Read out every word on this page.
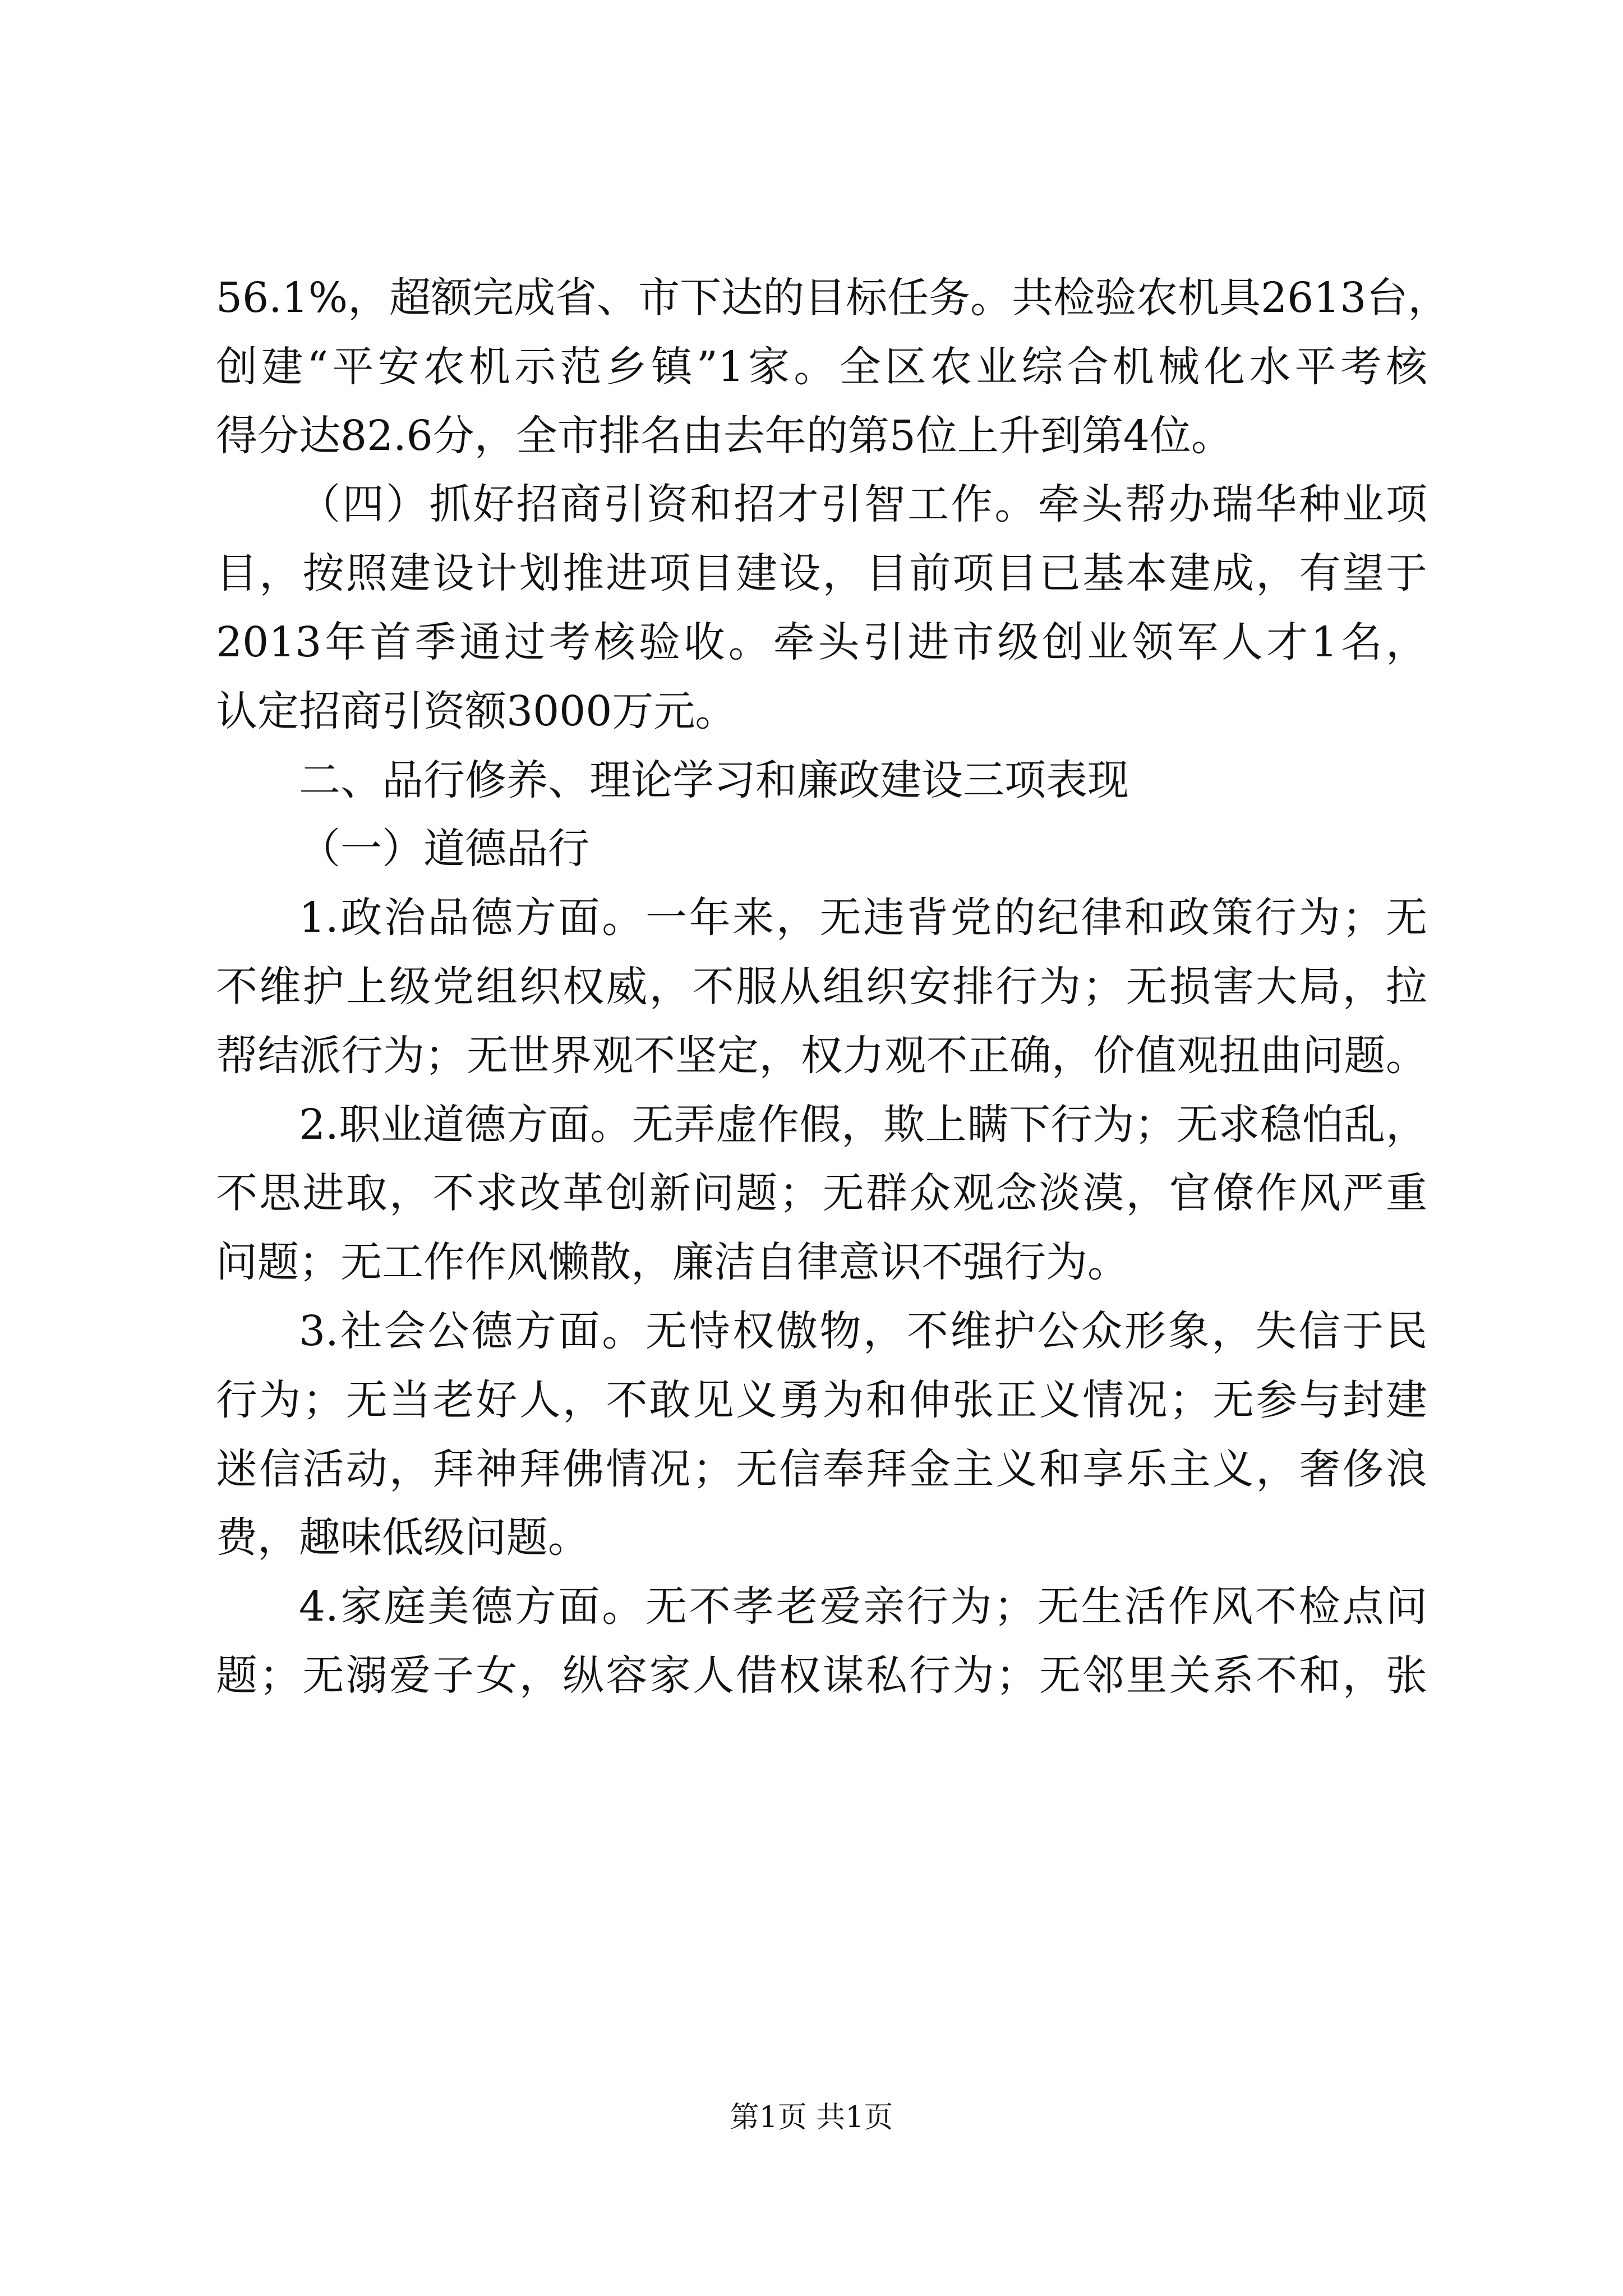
56.1%，超额完成省、市下达的目标任务。共检验农机具2613台，
创建“平安农机示范乡镇”1家。全区农业综合机械化水平考核
得分达82.6分，全市排名由去年的第5位上升到第4位。
（四）抓好招商引资和招才引智工作。牵头帮办瑞华种业项
目，按照建设计划推进项目建设，目前项目已基本建成，有望于
2013年首季通过考核验收。牵头引进市级创业领军人才1名，
认定招商引资额3000万元。
二、品行修养、理论学习和廉政建设三项表现
（一）道德品行
1.政治品德方面。一年来，无违背党的纪律和政策行为；无
不维护上级党组织权威，不服从组织安排行为；无损害大局，拉
帮结派行为；无世界观不坚定，权力观不正确，价值观扭曲问题。
2.职业道德方面。无弄虚作假，欺上瞒下行为；无求稳怕乱，
不思进取，不求改革创新问题；无群众观念淡漠，官僚作风严重
问题；无工作作风懒散，廉洁自律意识不强行为。
3.社会公德方面。无恃权傲物，不维护公众形象，失信于民
行为；无当老好人，不敢见义勇为和伸张正义情况；无参与封建
迷信活动，拜神拜佛情况；无信奉拜金主义和享乐主义，奢侈浪
费，趣味低级问题。
4.家庭美德方面。无不孝老爱亲行为；无生活作风不检点问
题；无溺爱子女，纵容家人借权谋私行为；无邻里关系不和，张
第1页 共1页
